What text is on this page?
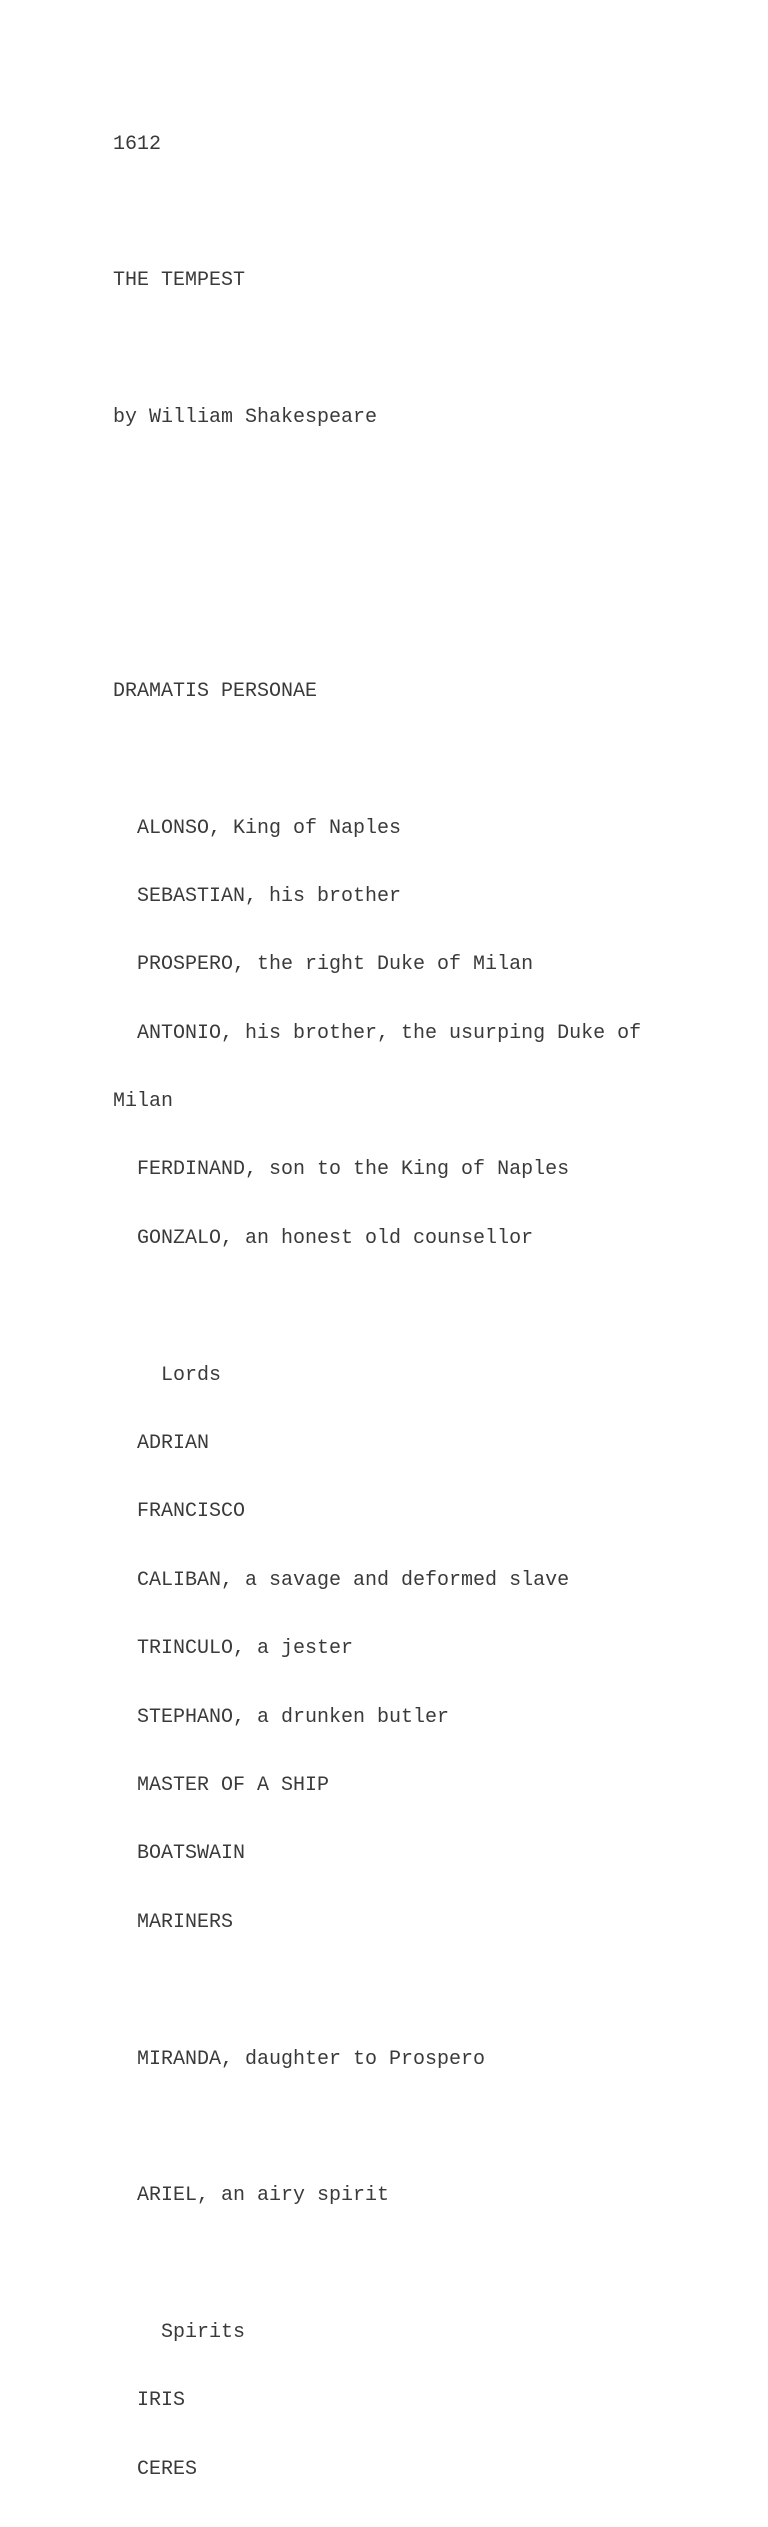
1612

THE TEMPEST

by William Shakespeare

DRAMATIS PERSONAE

ALONSO, King of Naples

SEBASTIAN, his brother

PROSPERO, the right Duke of Milan

ANTONIO, his brother, the usurping Duke of

Milan

FERDINAND, son to the King of Naples

GONZALO, an honest old counsellor

Lords

ADRIAN

FRANCISCO

CALIBAN, a savage and deformed slave

TRINCULO, a jester

STEPHANO, a drunken butler

MASTER OF A SHIP

BOATSWAIN

MARINERS

MIRANDA, daughter to Prospero

ARIEL, an airy spirit

Spirits

IRIS

CERES
